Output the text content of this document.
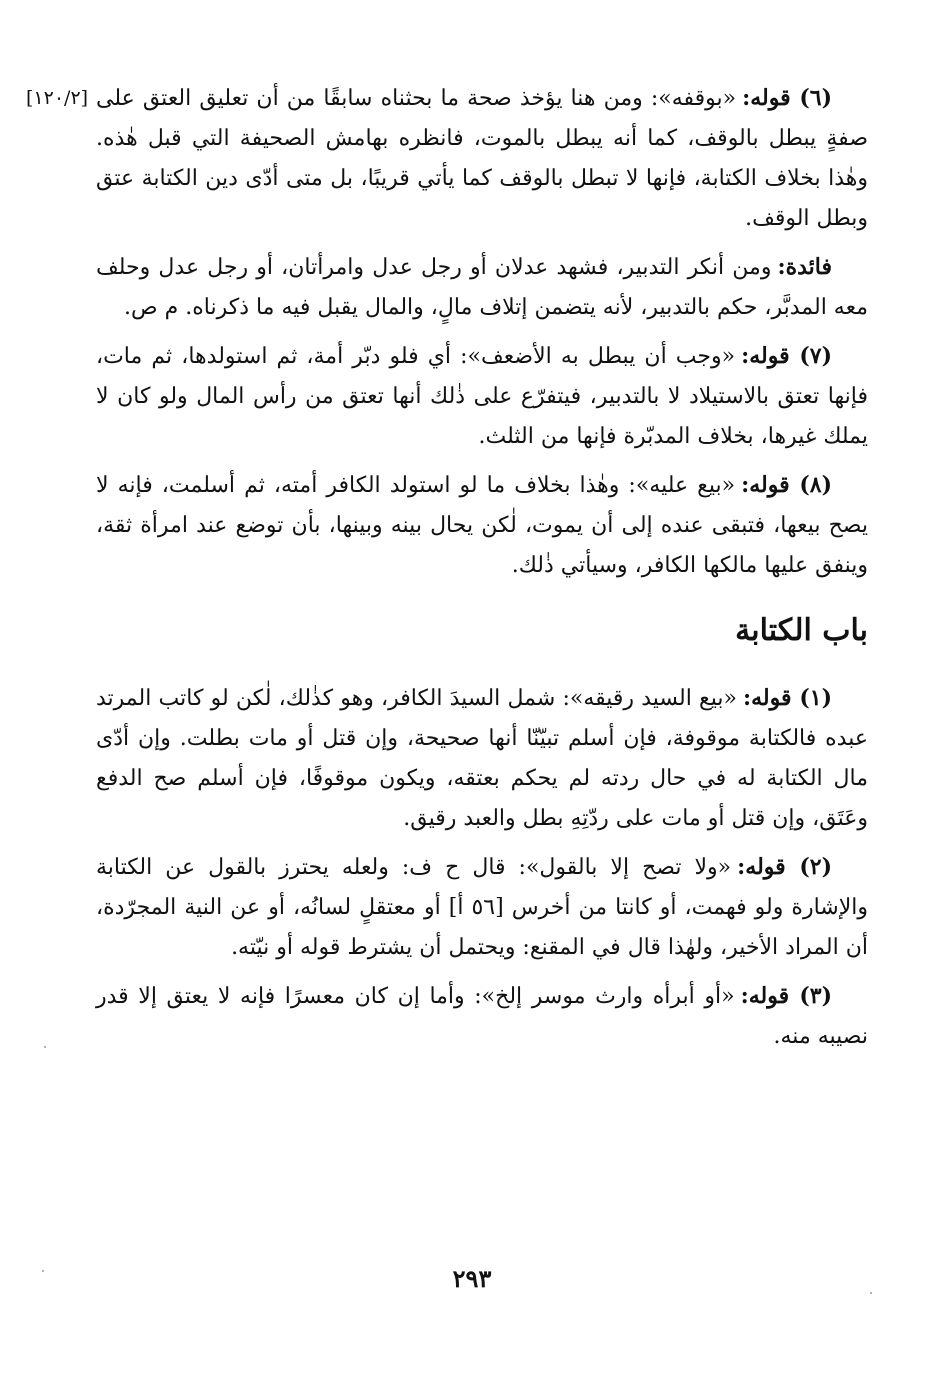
[١٢٠/٢]	(٦) قوله:«بوقفه»: ومن هنا يؤخذ صحة ما بحثناه سابقًا من أن تعليق العتق على صفةٍ يبطل بالوقف، كما أنه يبطل بالموت، فانظره بهامش الصحيفة التي قبل هٰذه. وهٰذا بخلاف الكتابة، فإنها لا تبطل بالوقف كما يأتي قريبًا، بل متى أدّى دين الكتابة عتق وبطل الوقف.

فائدة:ومن أنكر التدبير، فشهد عدلان أو رجل عدل وامرأتان، أو رجل عدل وحلف معه المدبَّر، حكم بالتدبير، لأنه يتضمن إتلاف مالٍ، والمال يقبل فيه ما ذكرناه. م ص.

(٧) قوله:«وجب أن يبطل به الأضعف»: أي فلو دبّر أمة، ثم استولدها، ثم مات، فإنها تعتق بالاستيلاد لا بالتدبير، فيتفرّع على ذٰلك أنها تعتق من رأس المال ولو كان لا يملك غيرها، بخلاف المدبّرة فإنها من الثلث.

(٨) قوله:«بيع عليه»: وهٰذا بخلاف ما لو استولد الكافر أمته، ثم أسلمت، فإنه لا يصح بيعها، فتبقى عنده إلى أن يموت، لٰكن يحال بينه وبينها، بأن توضع عند امرأة ثقة، وينفق عليها مالكها الكافر، وسيأتي ذٰلك.

باب الكتابة

(١) قوله:«بيع السيد رقيقه»: شمل السيدَ الكافر، وهو كذٰلك، لٰكن لو كاتب المرتد عبده فالكتابة موقوفة، فإن أسلم تبيّنّا أنها صحيحة، وإن قتل أو مات بطلت. وإن أدّى مال الكتابة له في حال ردته لم يحكم بعتقه، ويكون موقوفًا، فإن أسلم صح الدفع وعَتَق، وإن قتل أو مات على ردّتِهِ بطل والعبد رقيق.

(٢) قوله:«ولا تصح إلا بالقول»: قال ح ف: ولعله يحترز بالقول عن الكتابة والإشارة ولو فهمت، أو كانتا من أخرس [٥٦ أ] أو معتقلٍ لسانُه، أو عن النية المجرّدة، أن المراد الأخير، ولهٰذا قال في المقنع: ويحتمل أن يشترط قوله أو نيّته.

(٣) قوله:«أو أبرأه وارث موسر إلخ»: وأما إن كان معسرًا فإنه لا يعتق إلا قدر نصيبه منه.

٢٩٣
